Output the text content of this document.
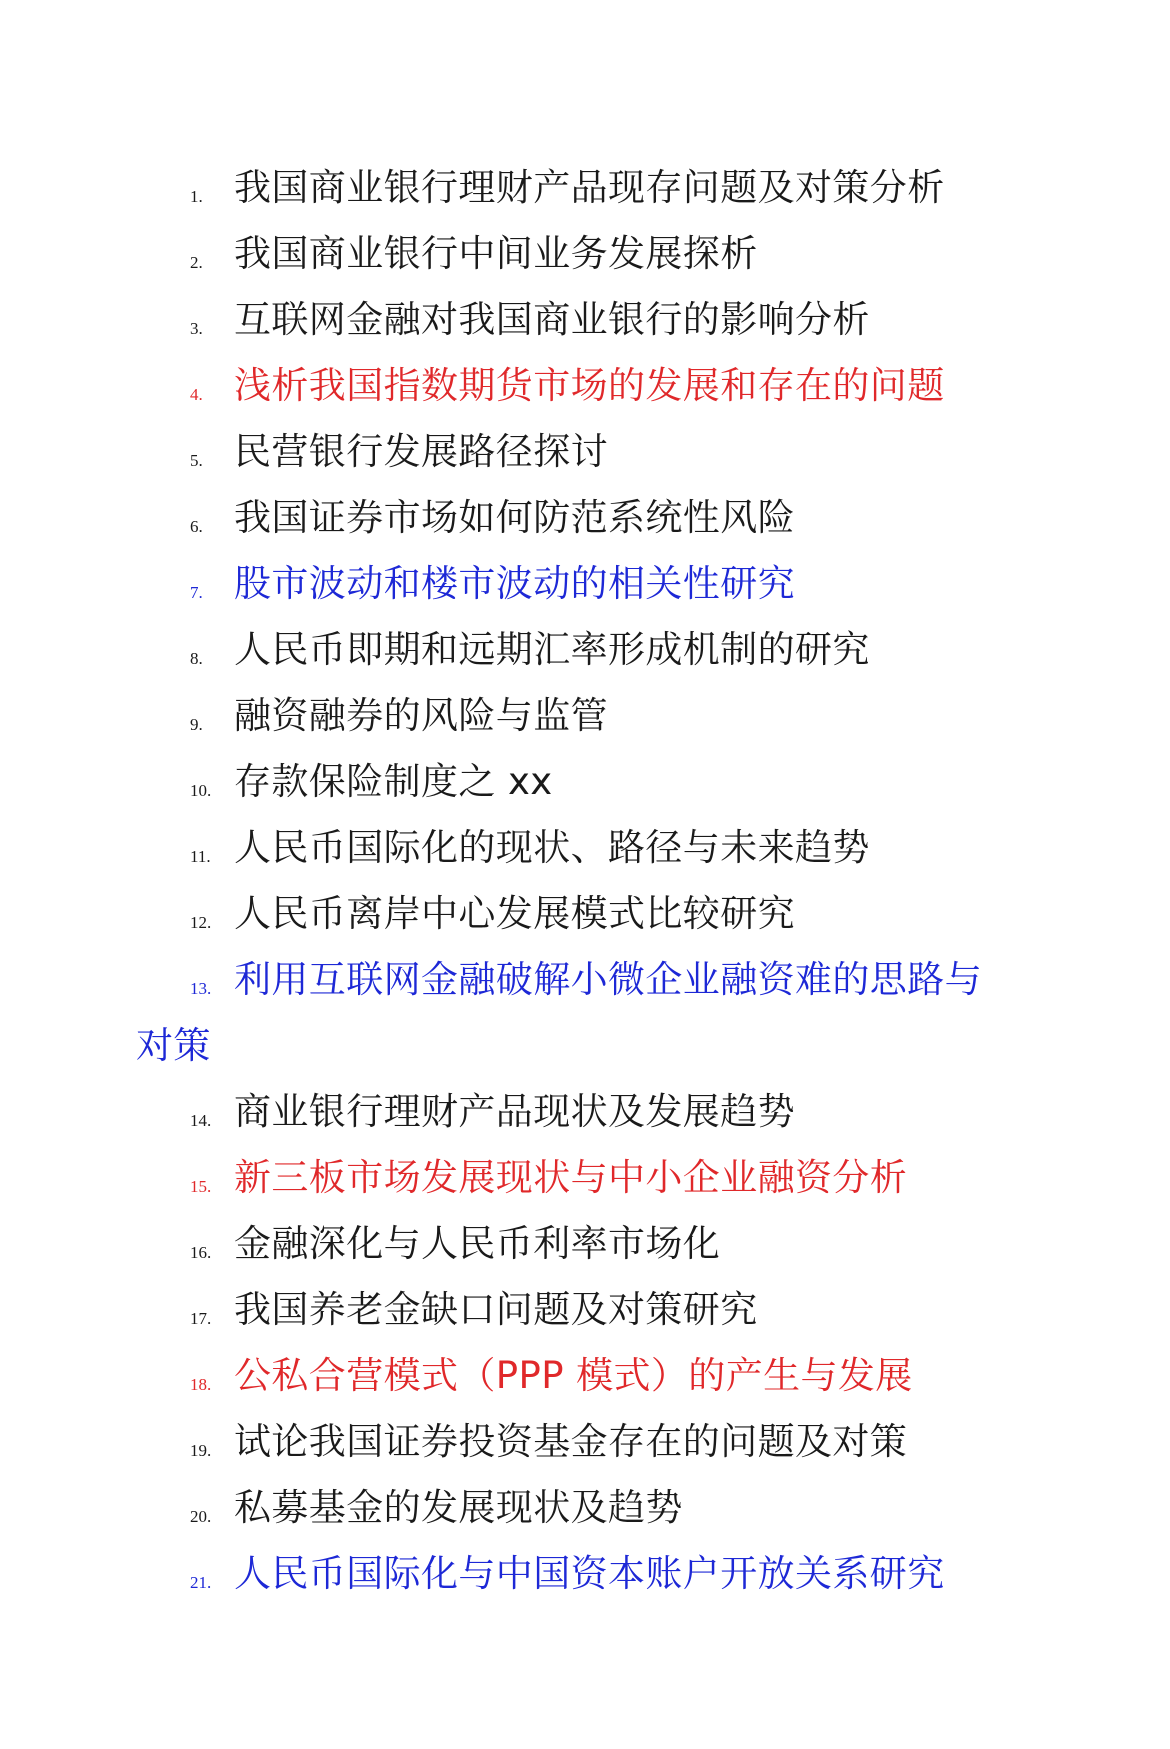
1. 我国商业银行理财产品现存问题及对策分析
2. 我国商业银行中间业务发展探析
3. 互联网金融对我国商业银行的影响分析
4. 浅析我国指数期货市场的发展和存在的问题
5. 民营银行发展路径探讨
6. 我国证券市场如何防范系统性风险
7. 股市波动和楼市波动的相关性研究
8. 人民币即期和远期汇率形成机制的研究
9. 融资融券的风险与监管
10. 存款保险制度之 xx
11. 人民币国际化的现状、路径与未来趋势
12. 人民币离岸中心发展模式比较研究
13. 利用互联网金融破解小微企业融资难的思路与
对策
14. 商业银行理财产品现状及发展趋势
15. 新三板市场发展现状与中小企业融资分析
16. 金融深化与人民币利率市场化
17. 我国养老金缺口问题及对策研究
18. 公私合营模式（PPP 模式）的产生与发展
19. 试论我国证券投资基金存在的问题及对策
20. 私募基金的发展现状及趋势
21. 人民币国际化与中国资本账户开放关系研究
